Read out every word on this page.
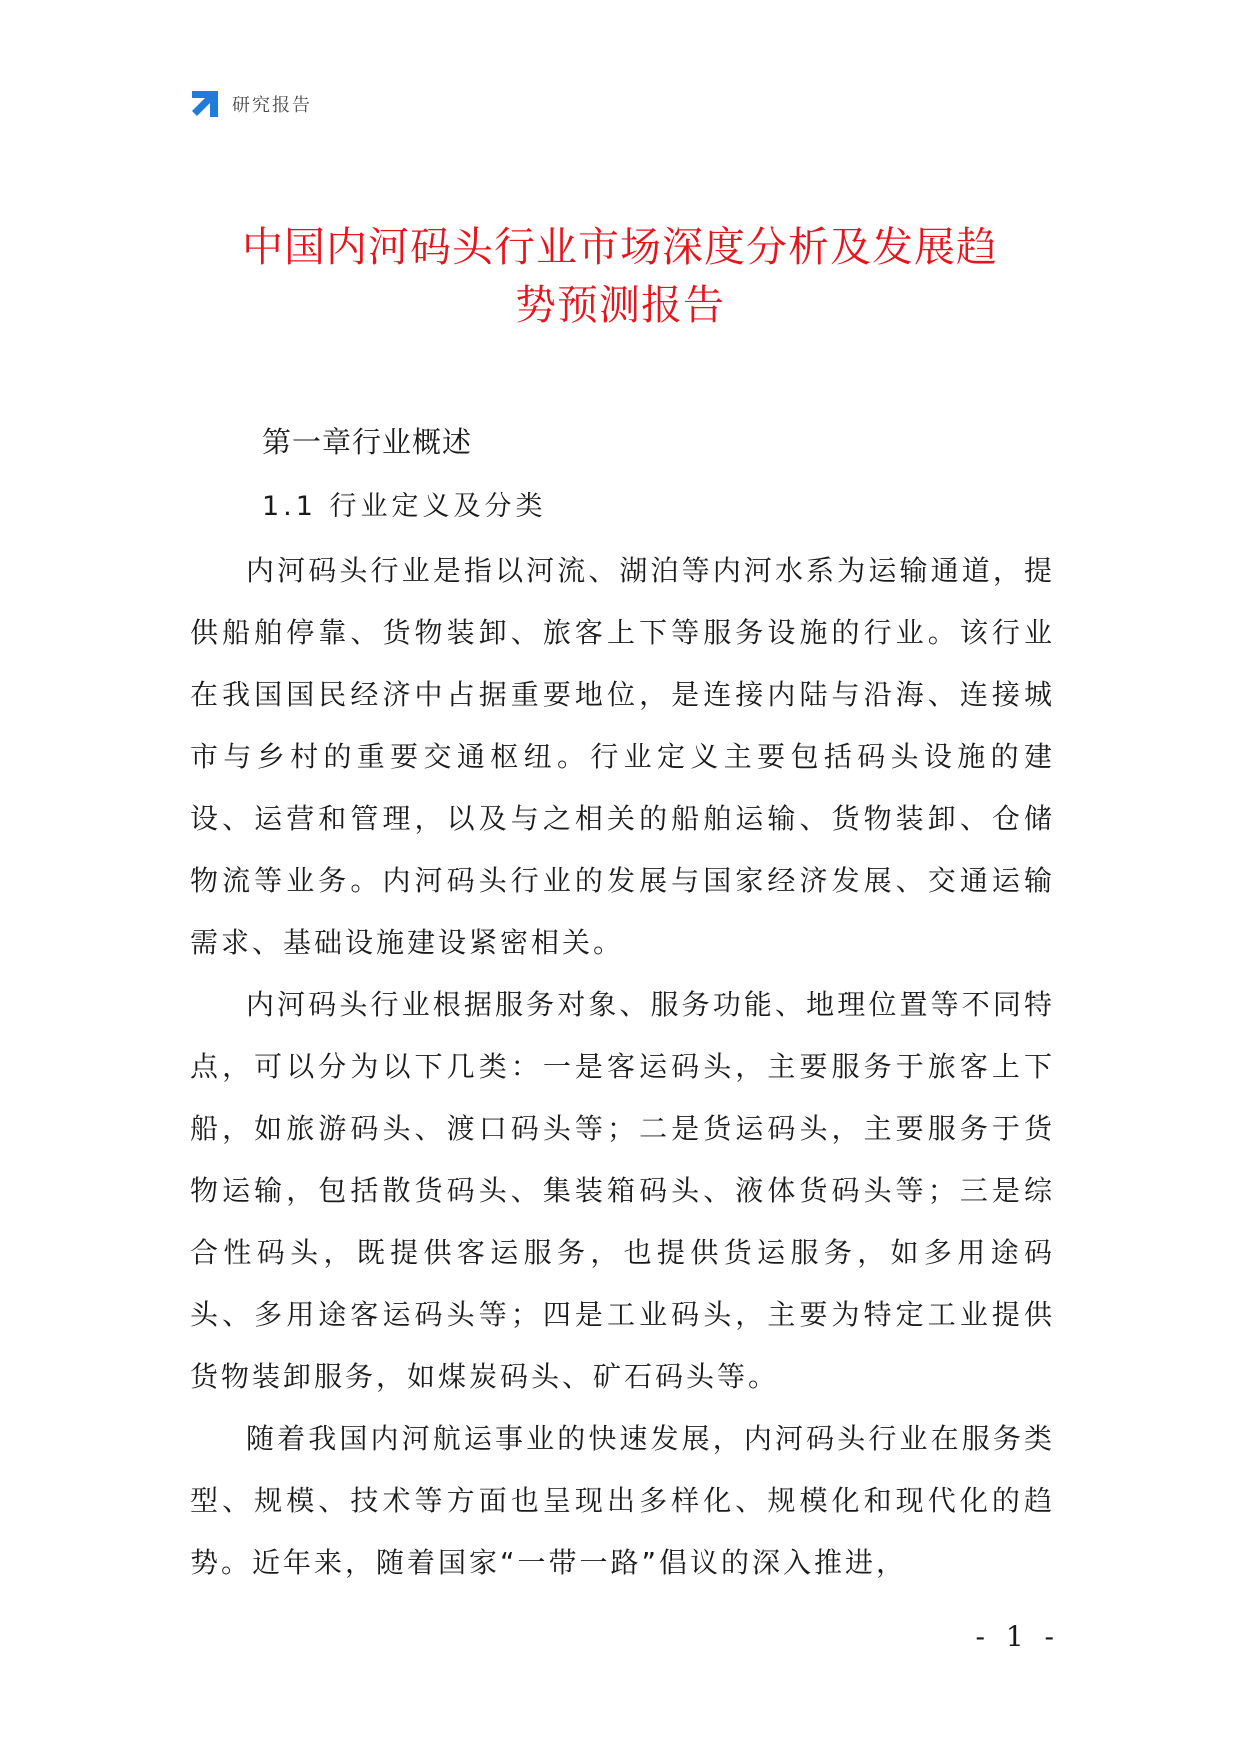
研究报告
中国内河码头行业市场深度分析及发展趋
势预测报告
第一章行业概述
1.1 行业定义及分类

内河码头行业是指以河流、湖泊等内河水系为运输通道，提供船舶停靠、货物装卸、旅客上下等服务设施的行业。该行业在我国国民经济中占据重要地位，是连接内陆与沿海、连接城市与乡村的重要交通枢纽。行业定义主要包括码头设施的建设、运营和管理，以及与之相关的船舶运输、货物装卸、仓储物流等业务。内河码头行业的发展与国家经济发展、交通运输需求、基础设施建设紧密相关。

内河码头行业根据服务对象、服务功能、地理位置等不同特点，可以分为以下几类：一是客运码头，主要服务于旅客上下船，如旅游码头、渡口码头等；二是货运码头，主要服务于货物运输，包括散货码头、集装箱码头、液体货码头等；三是综合性码头，既提供客运服务，也提供货运服务，如多用途码头、多用途客运码头等；四是工业码头，主要为特定工业提供货物装卸服务，如煤炭码头、矿石码头等。

随着我国内河航运事业的快速发展，内河码头行业在服务类型、规模、技术等方面也呈现出多样化、规模化和现代化的趋势。近年来，随着国家“一带一路”倡议的深入推进，

- 1 -
